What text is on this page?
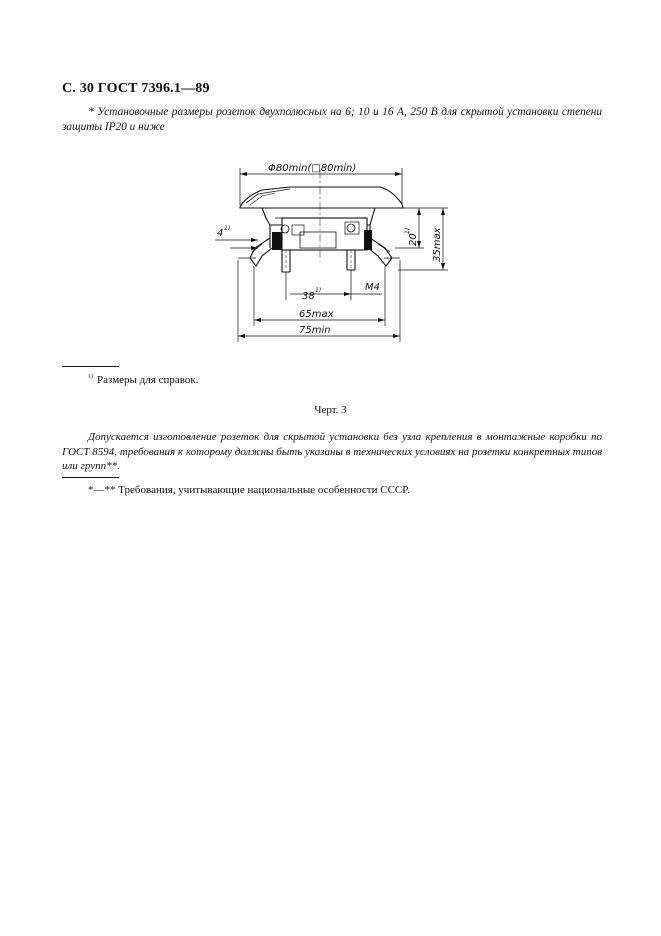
С. 30 ГОСТ 7396.1—89
* Установочные размеры розеток двухполюсных на 6; 10 и 16 А, 250 В для скрытой установки степени защиты IP20 и ниже
Φ80min(□80min)
4 1)
20
1) 35max
38
1)	M4
65max
75min
$^{1)}$ Размеры для справок.
Черт. 3
Допускается изготовление розеток для скрытой установки без узла крепления в монтажные коробки по ГОСТ 8594, требования к которому должны быть указаны в технических условиях на розетки конкретных типов или групп**.
*—** Требования, учитывающие национальные особенности СССР.
